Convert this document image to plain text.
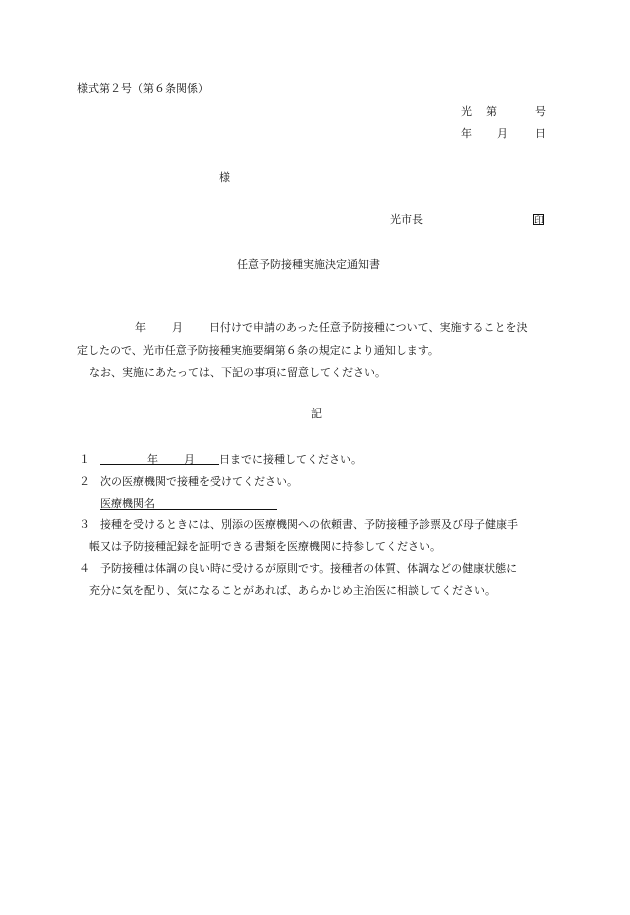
様式第２号（第６条関係）
光 第	号
年 月 日
様
光市長	印
任意予防接種実施決定通知書
年 月 日付けで申請のあった任意予防接種について、実施することを決
定したので、光市任意予防接種実施要綱第６条の規定により通知します。
なお、実施にあたっては、下記の事項に留意してください。
記
１	年 月 日までに接種してください。
２ 次の医療機関で接種を受けてください。
医療機関名
３ 接種を受けるときには、別添の医療機関への依頼書、予防接種予診票及び母子健康手
帳又は予防接種記録を証明できる書類を医療機関に持参してください。
４ 予防接種は体調の良い時に受けるが原則です。接種者の体質、体調などの健康状態に
充分に気を配り、気になることがあれば、あらかじめ主治医に相談してください。
